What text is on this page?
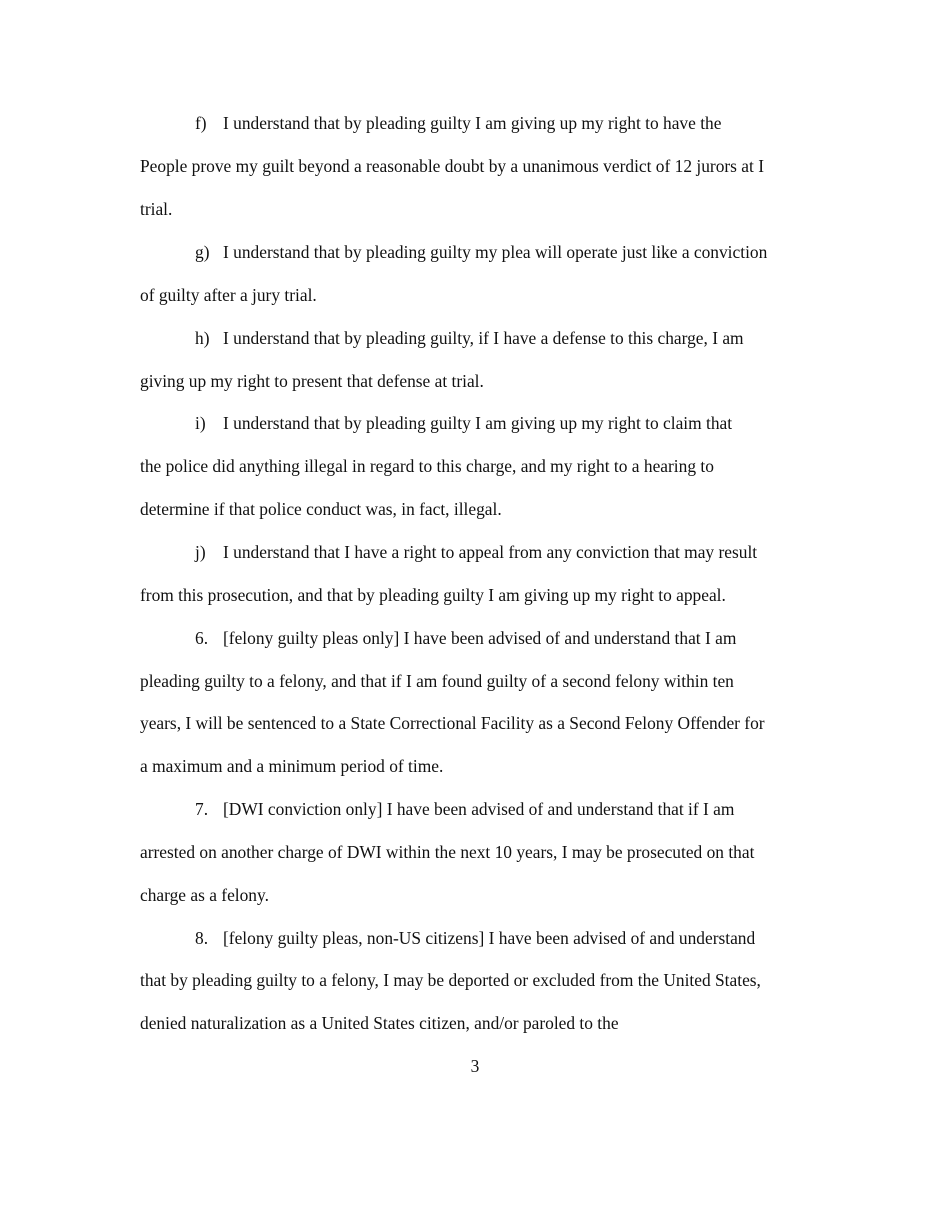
f) I understand that by pleading guilty I am giving up my right to have the
People prove my guilt beyond a reasonable doubt by a unanimous verdict of 12 jurors at I
trial.
g) I understand that by pleading guilty my plea will operate just like a conviction
of guilty after a jury trial.
h) I understand that by pleading guilty, if I have a defense to this charge, I am
giving up my right to present that defense at trial.
i) I understand that by pleading guilty I am giving up my right to claim that
the police did anything illegal in regard to this charge, and my right to a hearing to
determine if that police conduct was, in fact, illegal.
j) I understand that I have a right to appeal from any conviction that may result
from this prosecution, and that by pleading guilty I am giving up my right to appeal.
6. [felony guilty pleas only] I have been advised of and understand that I am
pleading guilty to a felony, and that if I am found guilty of a second felony within ten
years, I will be sentenced to a State Correctional Facility as a Second Felony Offender for
a maximum and a minimum period of time.
7. [DWI conviction only] I have been advised of and understand that if I am
arrested on another charge of DWI within the next 10 years, I may be prosecuted on that
charge as a felony.
8. [felony guilty pleas, non-US citizens] I have been advised of and understand
that by pleading guilty to a felony, I may be deported or excluded from the United States,
denied naturalization as a United States citizen, and/or paroled to the
3
